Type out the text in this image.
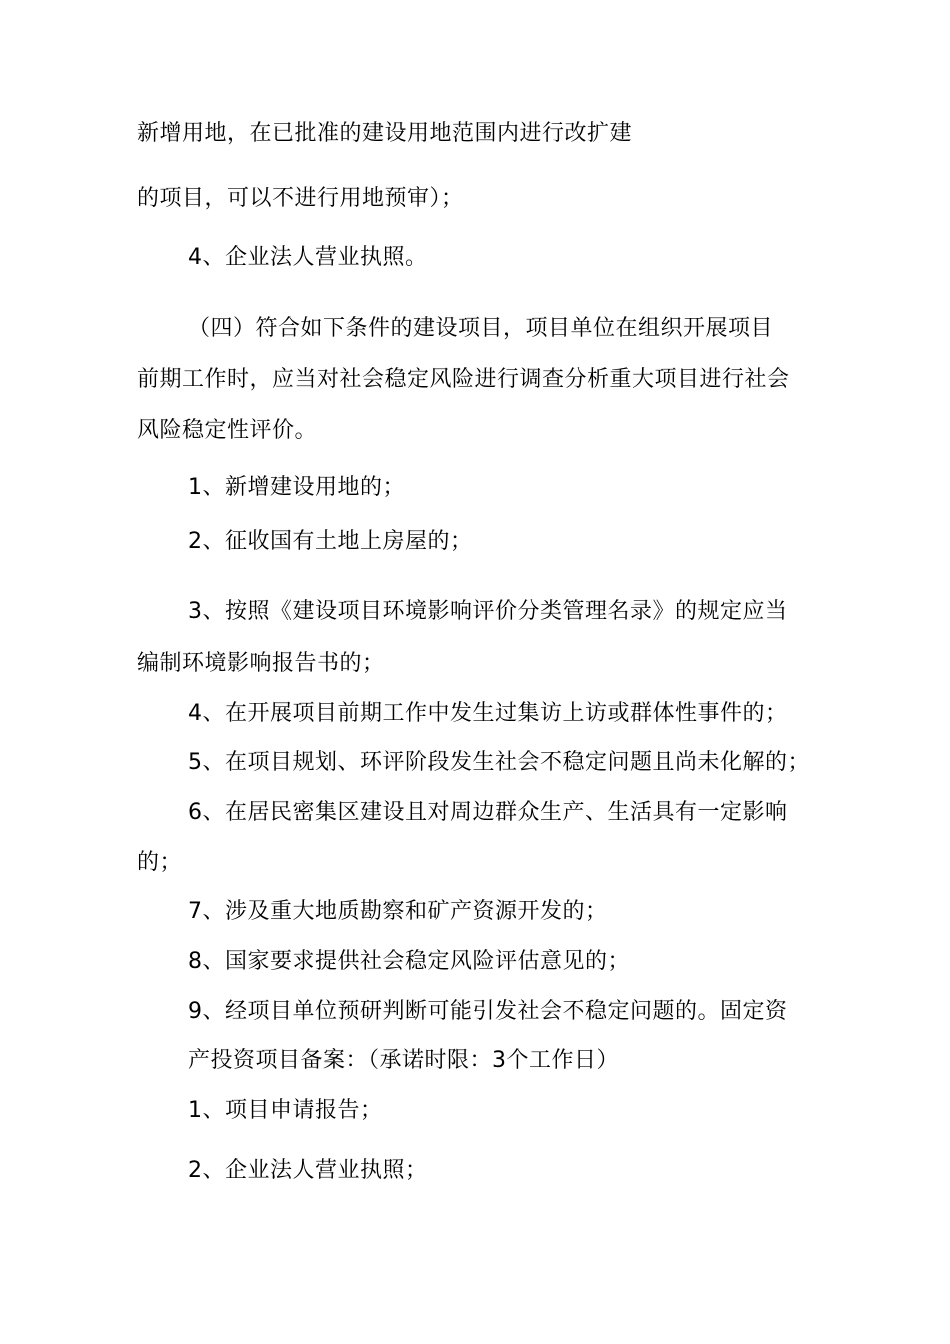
新增用地，在已批准的建设用地范围内进行改扩建
的项目，可以不进行用地预审）；
4、企业法人营业执照。
（四）符合如下条件的建设项目，项目单位在组织开展项目
前期工作时，应当对社会稳定风险进行调查分析重大项目进行社会
风险稳定性评价。
1、新增建设用地的；
2、征收国有土地上房屋的；
3、按照《建设项目环境影响评价分类管理名录》的规定应当
编制环境影响报告书的；
4、在开展项目前期工作中发生过集访上访或群体性事件的；
5、在项目规划、环评阶段发生社会不稳定问题且尚未化解的；
6、在居民密集区建设且对周边群众生产、生活具有一定影响
的；
7、涉及重大地质勘察和矿产资源开发的；
8、国家要求提供社会稳定风险评估意见的；
9、经项目单位预研判断可能引发社会不稳定问题的。固定资
产投资项目备案：（承诺时限：3个工作日）
1、项目申请报告；
2、企业法人营业执照；
